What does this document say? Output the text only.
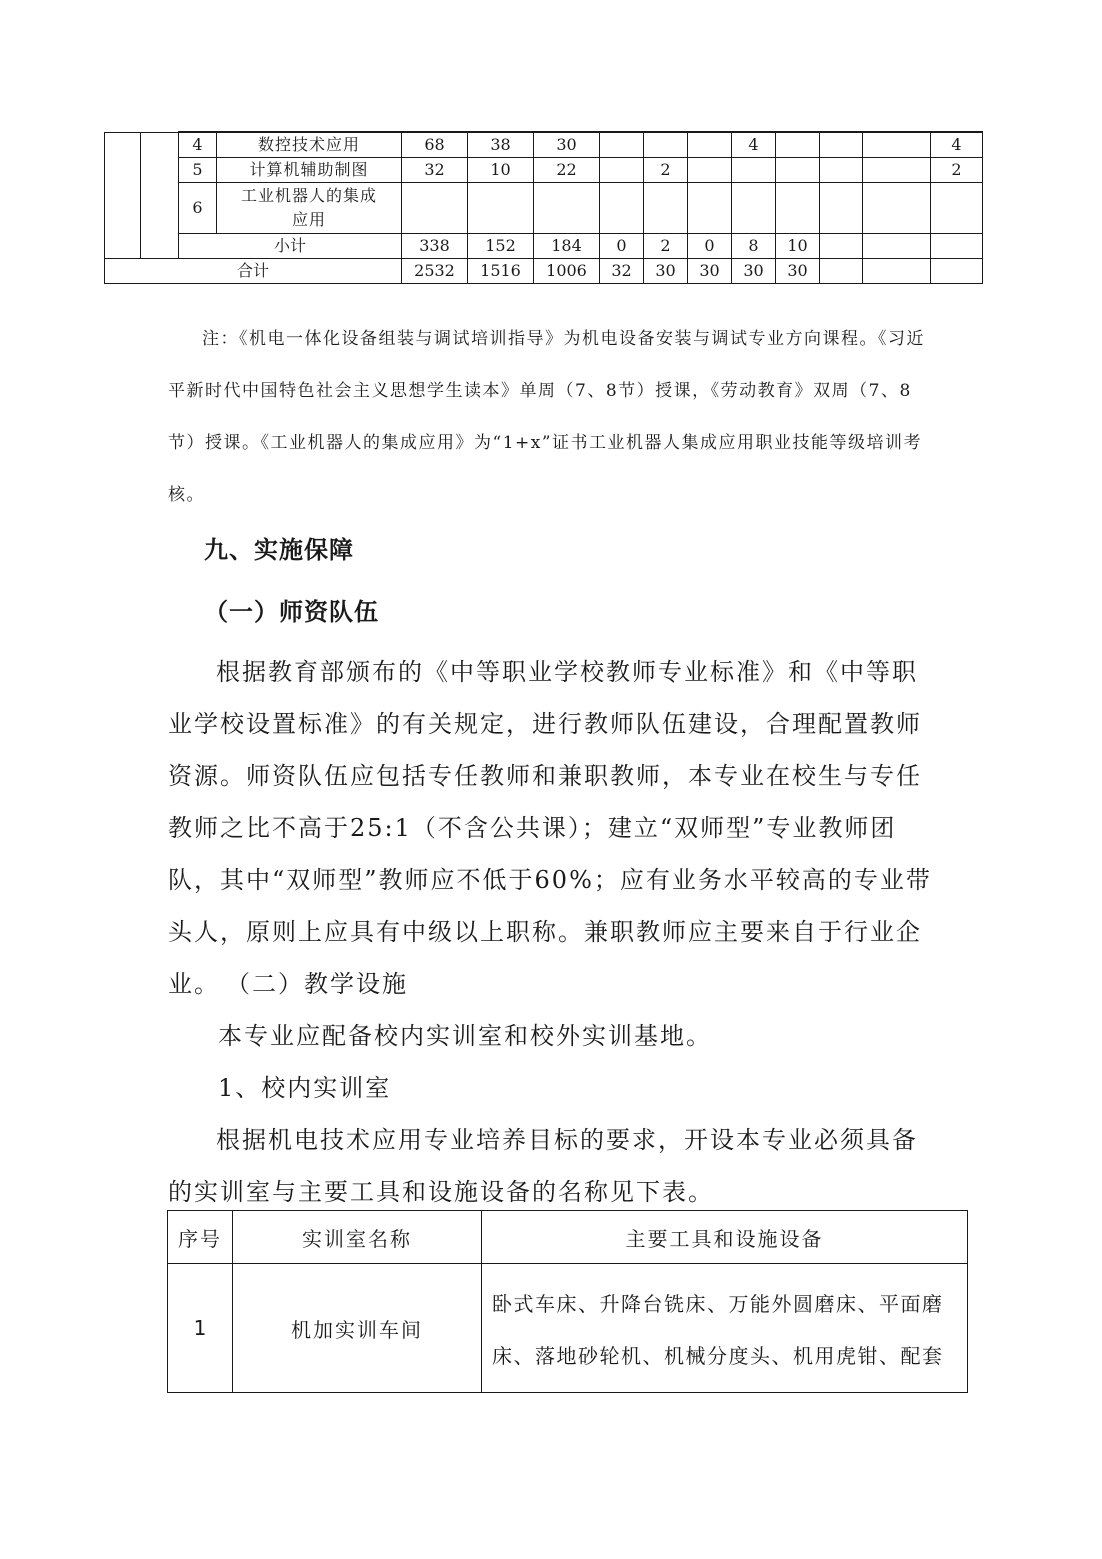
		4	数控技术应用	68	38	30				4				4
		5	计算机辅助制图	32	10	22		2						2
		6	工业机器人的集成
应用											
		小计		338	152	184	0	2	0	8	10			
合计				2532	1516	1006	32	30	30	30	30			

注：《机电一体化设备组装与调试培训指导》为机电设备安装与调试专业方向课程。《习近平新时代中国特色社会主义思想学生读本》单周（7、8节）授课，《劳动教育》双周（7、8节）授课。《工业机器人的集成应用》为“1+x”证书工业机器人集成应用职业技能等级培训考核。

九、实施保障
（一）师资队伍

根据教育部颁布的《中等职业学校教师专业标准》和《中等职业学校设置标准》的有关规定，进行教师队伍建设，合理配置教师资源。师资队伍应包括专任教师和兼职教师，本专业在校生与专任教师之比不高于25:1（不含公共课）；建立“双师型”专业教师团队，其中“双师型”教师应不低于60%；应有业务水平较高的专业带头人，原则上应具有中级以上职称。兼职教师应主要来自于行业企业。 （二）教学设施

本专业应配备校内实训室和校外实训基地。

1、校内实训室

根据机电技术应用专业培养目标的要求，开设本专业必须具备的实训室与主要工具和设施设备的名称见下表。

序号	实训室名称	主要工具和设施设备
1	机加实训车间	卧式车床、升降台铣床、万能外圆磨床、平面磨床、落地砂轮机、机械分度头、机用虎钳、配套
